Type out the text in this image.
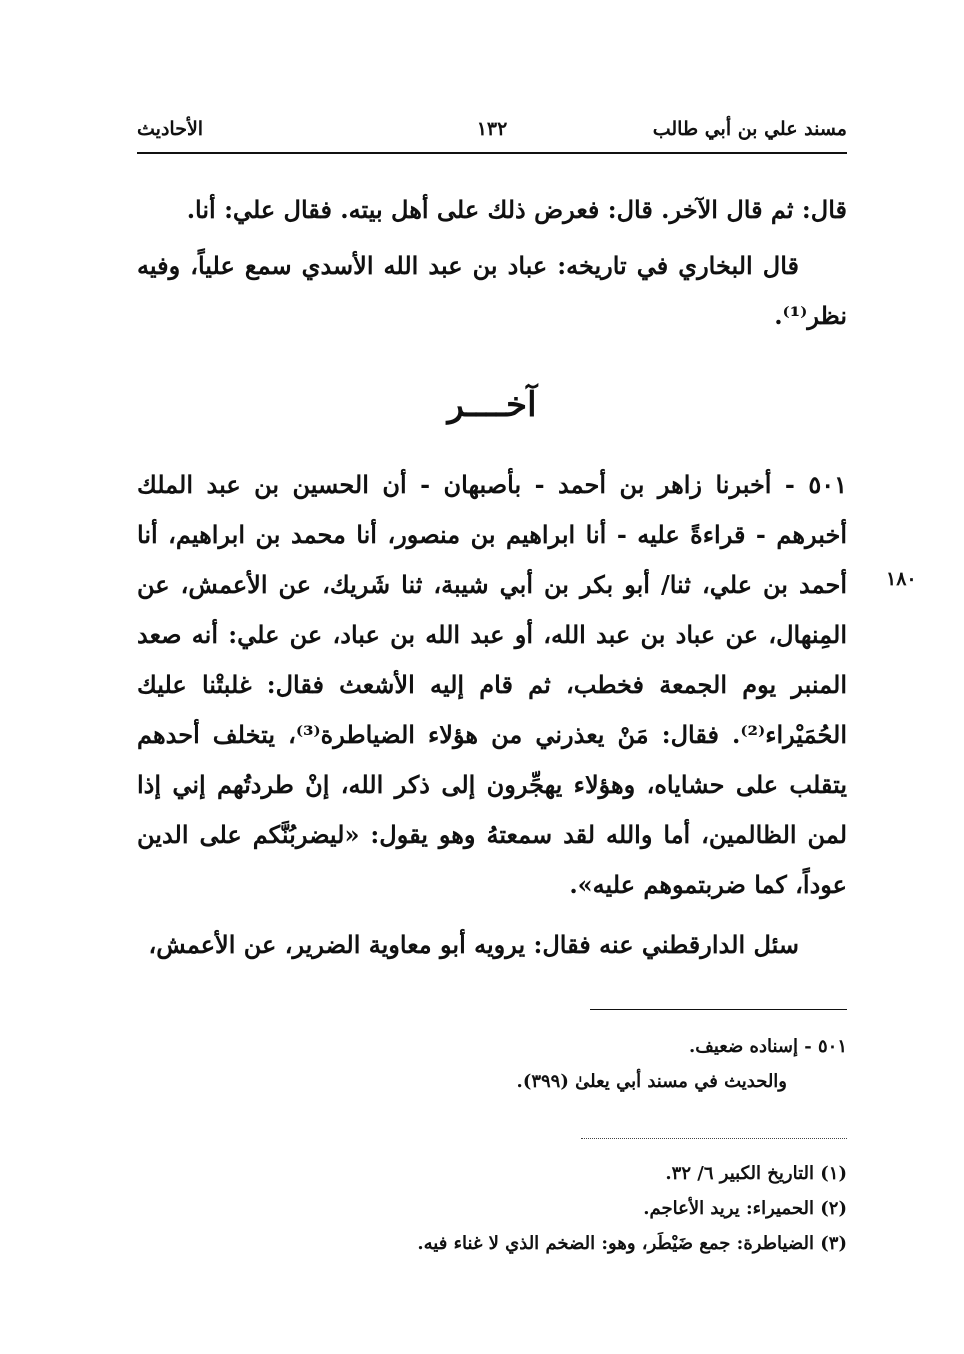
مسند علي بن أبي طالب
١٣٢
الأحاديث

قال: ثم قال الآخر. قال: فعرض ذلك على أهل بيته. فقال علي: أنا.

قال البخاري في تاريخه: عباد بن عبد الله الأسدي سمع علياً، وفيه نظر⁽¹⁾.

آخــــر
١٨٠

٥٠١ - أخبرنا زاهر بن أحمد - بأصبهان - أن الحسين بن عبد الملك أخبرهم - قراءةً عليه - أنا ابراهيم بن منصور، أنا محمد بن ابراهيم، أنا أحمد بن علي، ثنا/ أبو بكر بن أبي شيبة، ثنا شَريك، عن الأعمش، عن المِنهال، عن عباد بن عبد الله، أو عبد الله بن عباد، عن علي: أنه صعد المنبر يوم الجمعة فخطب، ثم قام إليه الأشعث فقال: غلبتْنا عليك الحُمَيْراء⁽²⁾. فقال: مَنْ يعذرني من هؤلاء الضياطرة⁽³⁾، يتخلف أحدهم يتقلب على حشاياه، وهؤلاء يهجِّرون إلى ذكر الله، إنْ طردتُهم إني إذا لمن الظالمين، أما والله لقد سمعتهُ وهو يقول: «ليضربُنَّكم على الدين عوداً، كما ضربتموهم عليه».

سئل الدارقطني عنه فقال: يرويه أبو معاوية الضرير، عن الأعمش،

٥٠١ - إسناده ضعيف.

والحديث في مسند أبي يعلىٰ (٣٩٩).

(١) التاريخ الكبير ٦/ ٣٢.

(٢) الحميراء: يريد الأعاجم.

(٣) الضياطرة: جمع ضَيْطَر، وهو: الضخم الذي لا غناء فيه.
